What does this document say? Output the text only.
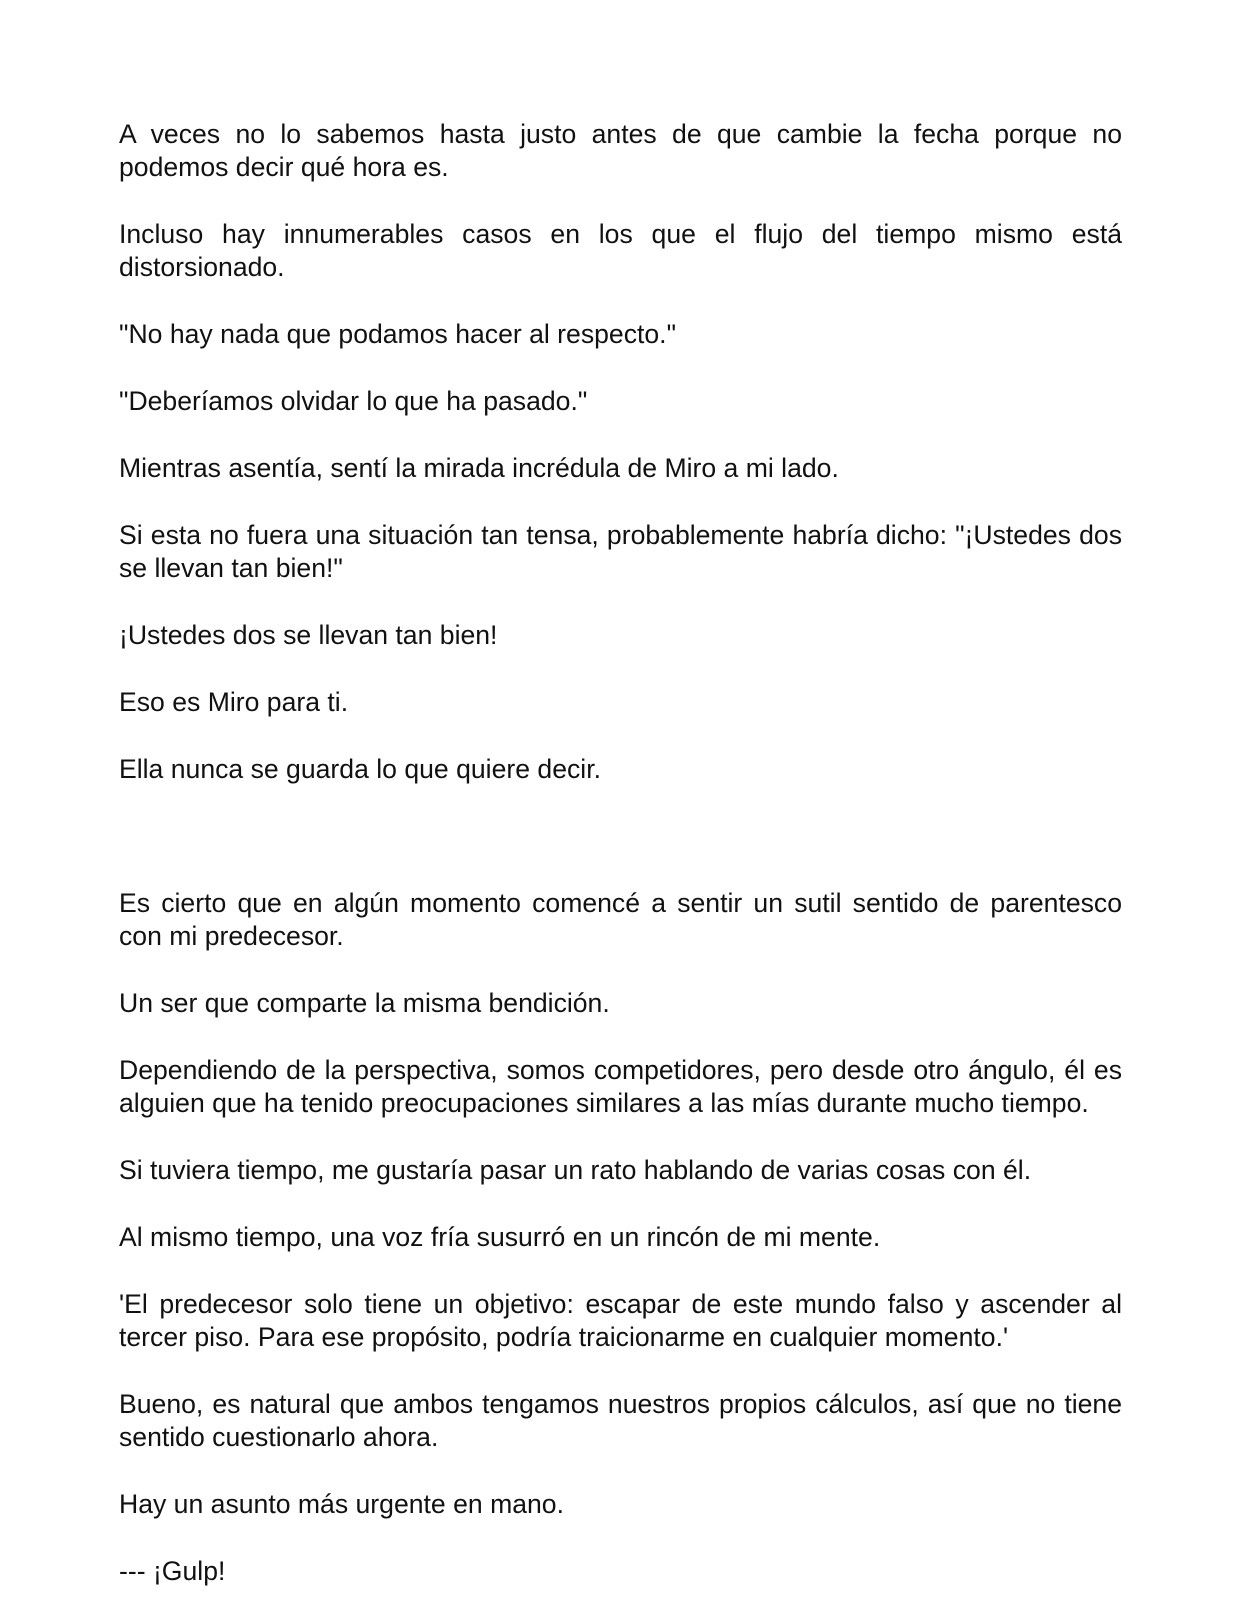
A veces no lo sabemos hasta justo antes de que cambie la fecha porque no podemos decir qué hora es.

Incluso hay innumerables casos en los que el flujo del tiempo mismo está distorsionado.

"No hay nada que podamos hacer al respecto."

"Deberíamos olvidar lo que ha pasado."

Mientras asentía, sentí la mirada incrédula de Miro a mi lado.

Si esta no fuera una situación tan tensa, probablemente habría dicho: "¡Ustedes dos se llevan tan bien!"

¡Ustedes dos se llevan tan bien!

Eso es Miro para ti.

Ella nunca se guarda lo que quiere decir.

Es cierto que en algún momento comencé a sentir un sutil sentido de parentesco con mi predecesor.

Un ser que comparte la misma bendición.

Dependiendo de la perspectiva, somos competidores, pero desde otro ángulo, él es alguien que ha tenido preocupaciones similares a las mías durante mucho tiempo.

Si tuviera tiempo, me gustaría pasar un rato hablando de varias cosas con él.

Al mismo tiempo, una voz fría susurró en un rincón de mi mente.

'El predecesor solo tiene un objetivo: escapar de este mundo falso y ascender al tercer piso. Para ese propósito, podría traicionarme en cualquier momento.'

Bueno, es natural que ambos tengamos nuestros propios cálculos, así que no tiene sentido cuestionarlo ahora.

Hay un asunto más urgente en mano.

--- ¡Gulp!
